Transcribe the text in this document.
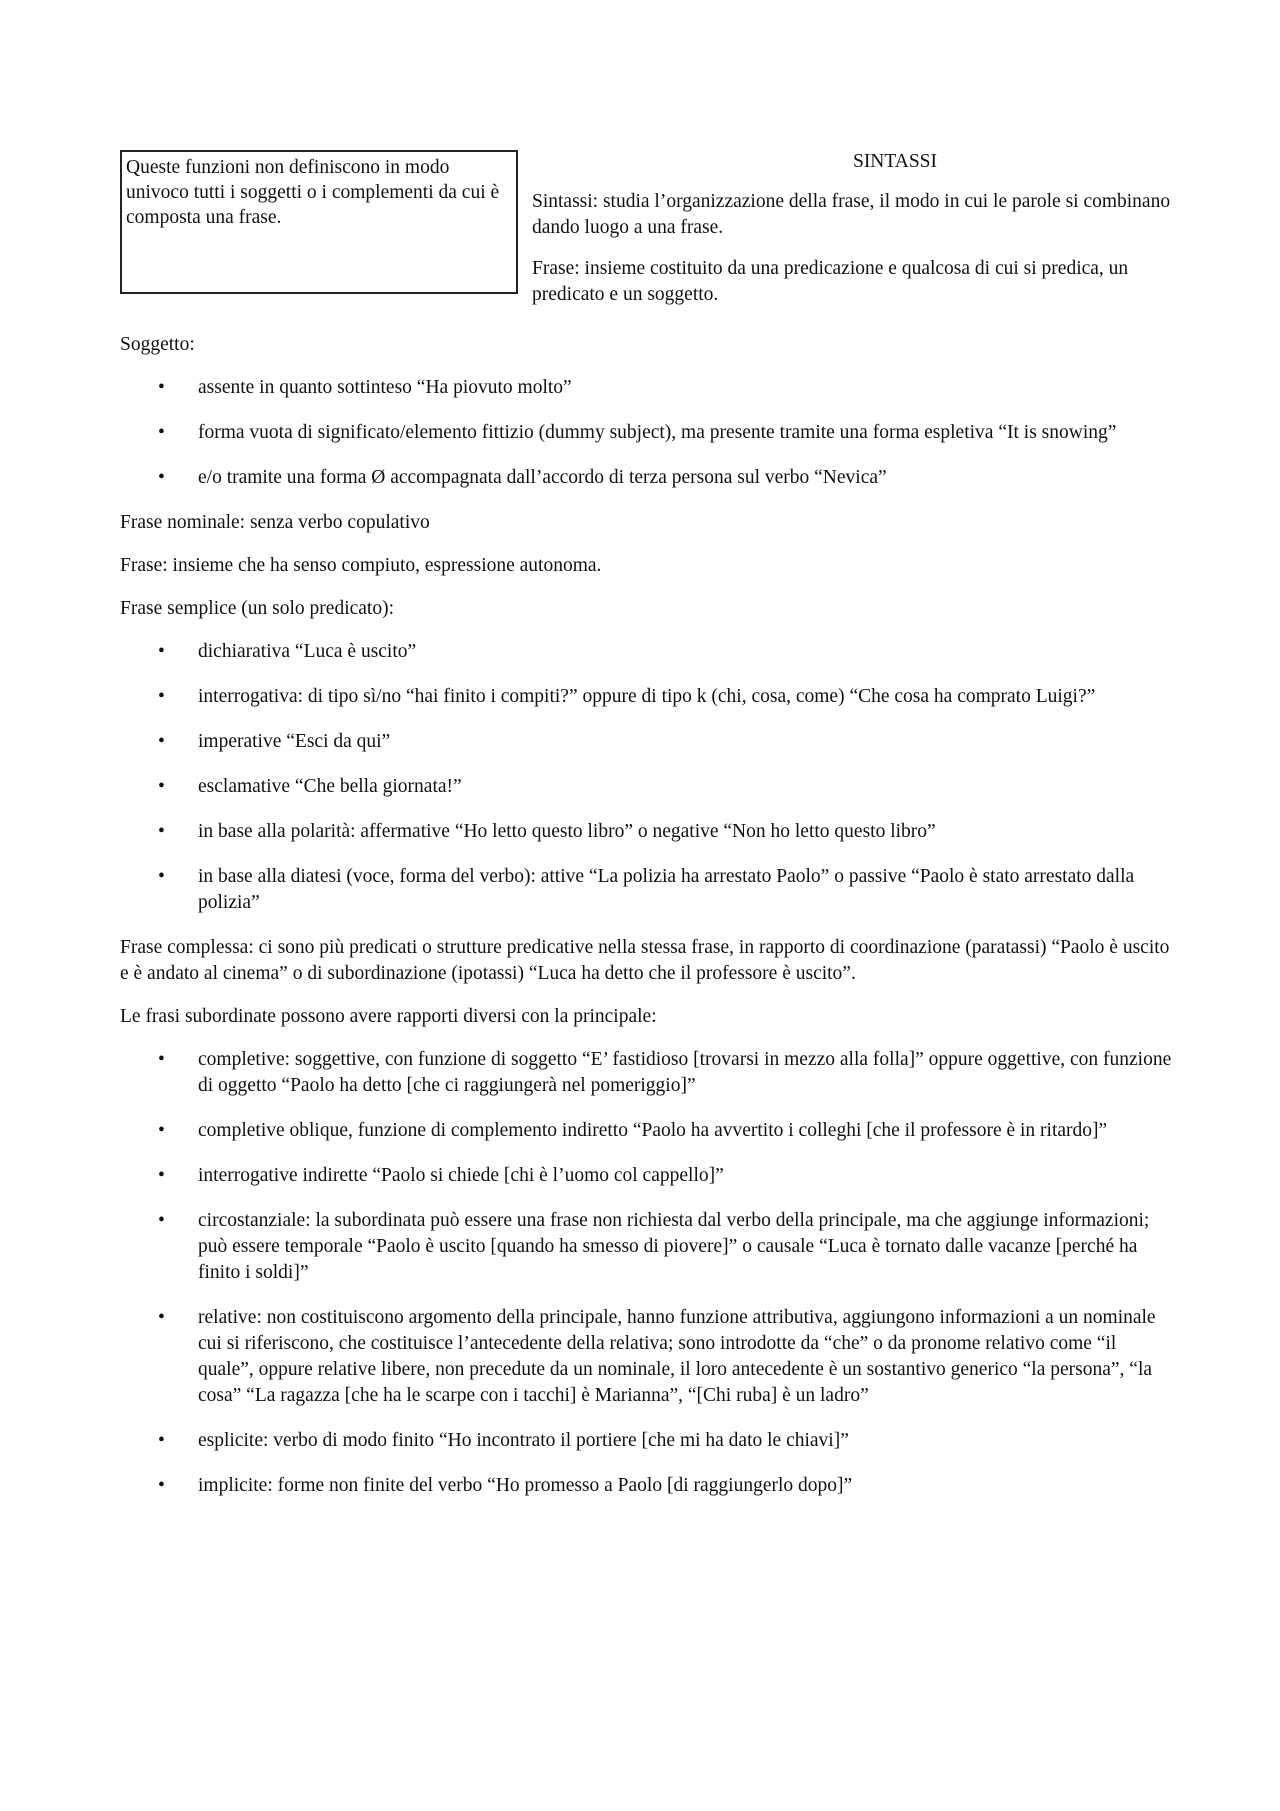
Queste funzioni non definiscono in modo univoco tutti i soggetti o i complementi da cui è composta una frase.
SINTASSI

Sintassi: studia l’organizzazione della frase, il modo in cui le parole si combinano dando luogo a una frase.

Frase: insieme costituito da una predicazione e qualcosa di cui si predica, un predicato e un soggetto.

Soggetto:

• assente in quanto sottinteso “Ha piovuto molto”
• forma vuota di significato/elemento fittizio (dummy subject), ma presente tramite una forma espletiva “It is snowing”
• e/o tramite una forma Ø accompagnata dall’accordo di terza persona sul verbo “Nevica”

Frase nominale: senza verbo copulativo

Frase: insieme che ha senso compiuto, espressione autonoma.

Frase semplice (un solo predicato):

• dichiarativa “Luca è uscito”
• interrogativa: di tipo sì/no “hai finito i compiti?” oppure di tipo k (chi, cosa, come) “Che cosa ha comprato Luigi?”
• imperative “Esci da qui”
• esclamative “Che bella giornata!”
• in base alla polarità: affermative “Ho letto questo libro” o negative “Non ho letto questo libro”
• in base alla diatesi (voce, forma del verbo): attive “La polizia ha arrestato Paolo” o passive “Paolo è stato arrestato dalla polizia”

Frase complessa: ci sono più predicati o strutture predicative nella stessa frase, in rapporto di coordinazione (paratassi) “Paolo è uscito e è andato al cinema” o di subordinazione (ipotassi) “Luca ha detto che il professore è uscito”.

Le frasi subordinate possono avere rapporti diversi con la principale:

• completive: soggettive, con funzione di soggetto “E’ fastidioso [trovarsi in mezzo alla folla]” oppure oggettive, con funzione di oggetto “Paolo ha detto [che ci raggiungerà nel pomeriggio]”
• completive oblique, funzione di complemento indiretto “Paolo ha avvertito i colleghi [che il professore è in ritardo]”
• interrogative indirette “Paolo si chiede [chi è l’uomo col cappello]”
• circostanziale: la subordinata può essere una frase non richiesta dal verbo della principale, ma che aggiunge informazioni; può essere temporale “Paolo è uscito [quando ha smesso di piovere]” o causale “Luca è tornato dalle vacanze [perché ha finito i soldi]”
• relative: non costituiscono argomento della principale, hanno funzione attributiva, aggiungono informazioni a un nominale cui si riferiscono, che costituisce l’antecedente della relativa; sono introdotte da “che” o da pronome relativo come “il quale”, oppure relative libere, non precedute da un nominale, il loro antecedente è un sostantivo generico “la persona”, “la cosa” “La ragazza [che ha le scarpe con i tacchi] è Marianna”, “[Chi ruba] è un ladro”
• esplicite: verbo di modo finito “Ho incontrato il portiere [che mi ha dato le chiavi]”
• implicite: forme non finite del verbo “Ho promesso a Paolo [di raggiungerlo dopo]”
